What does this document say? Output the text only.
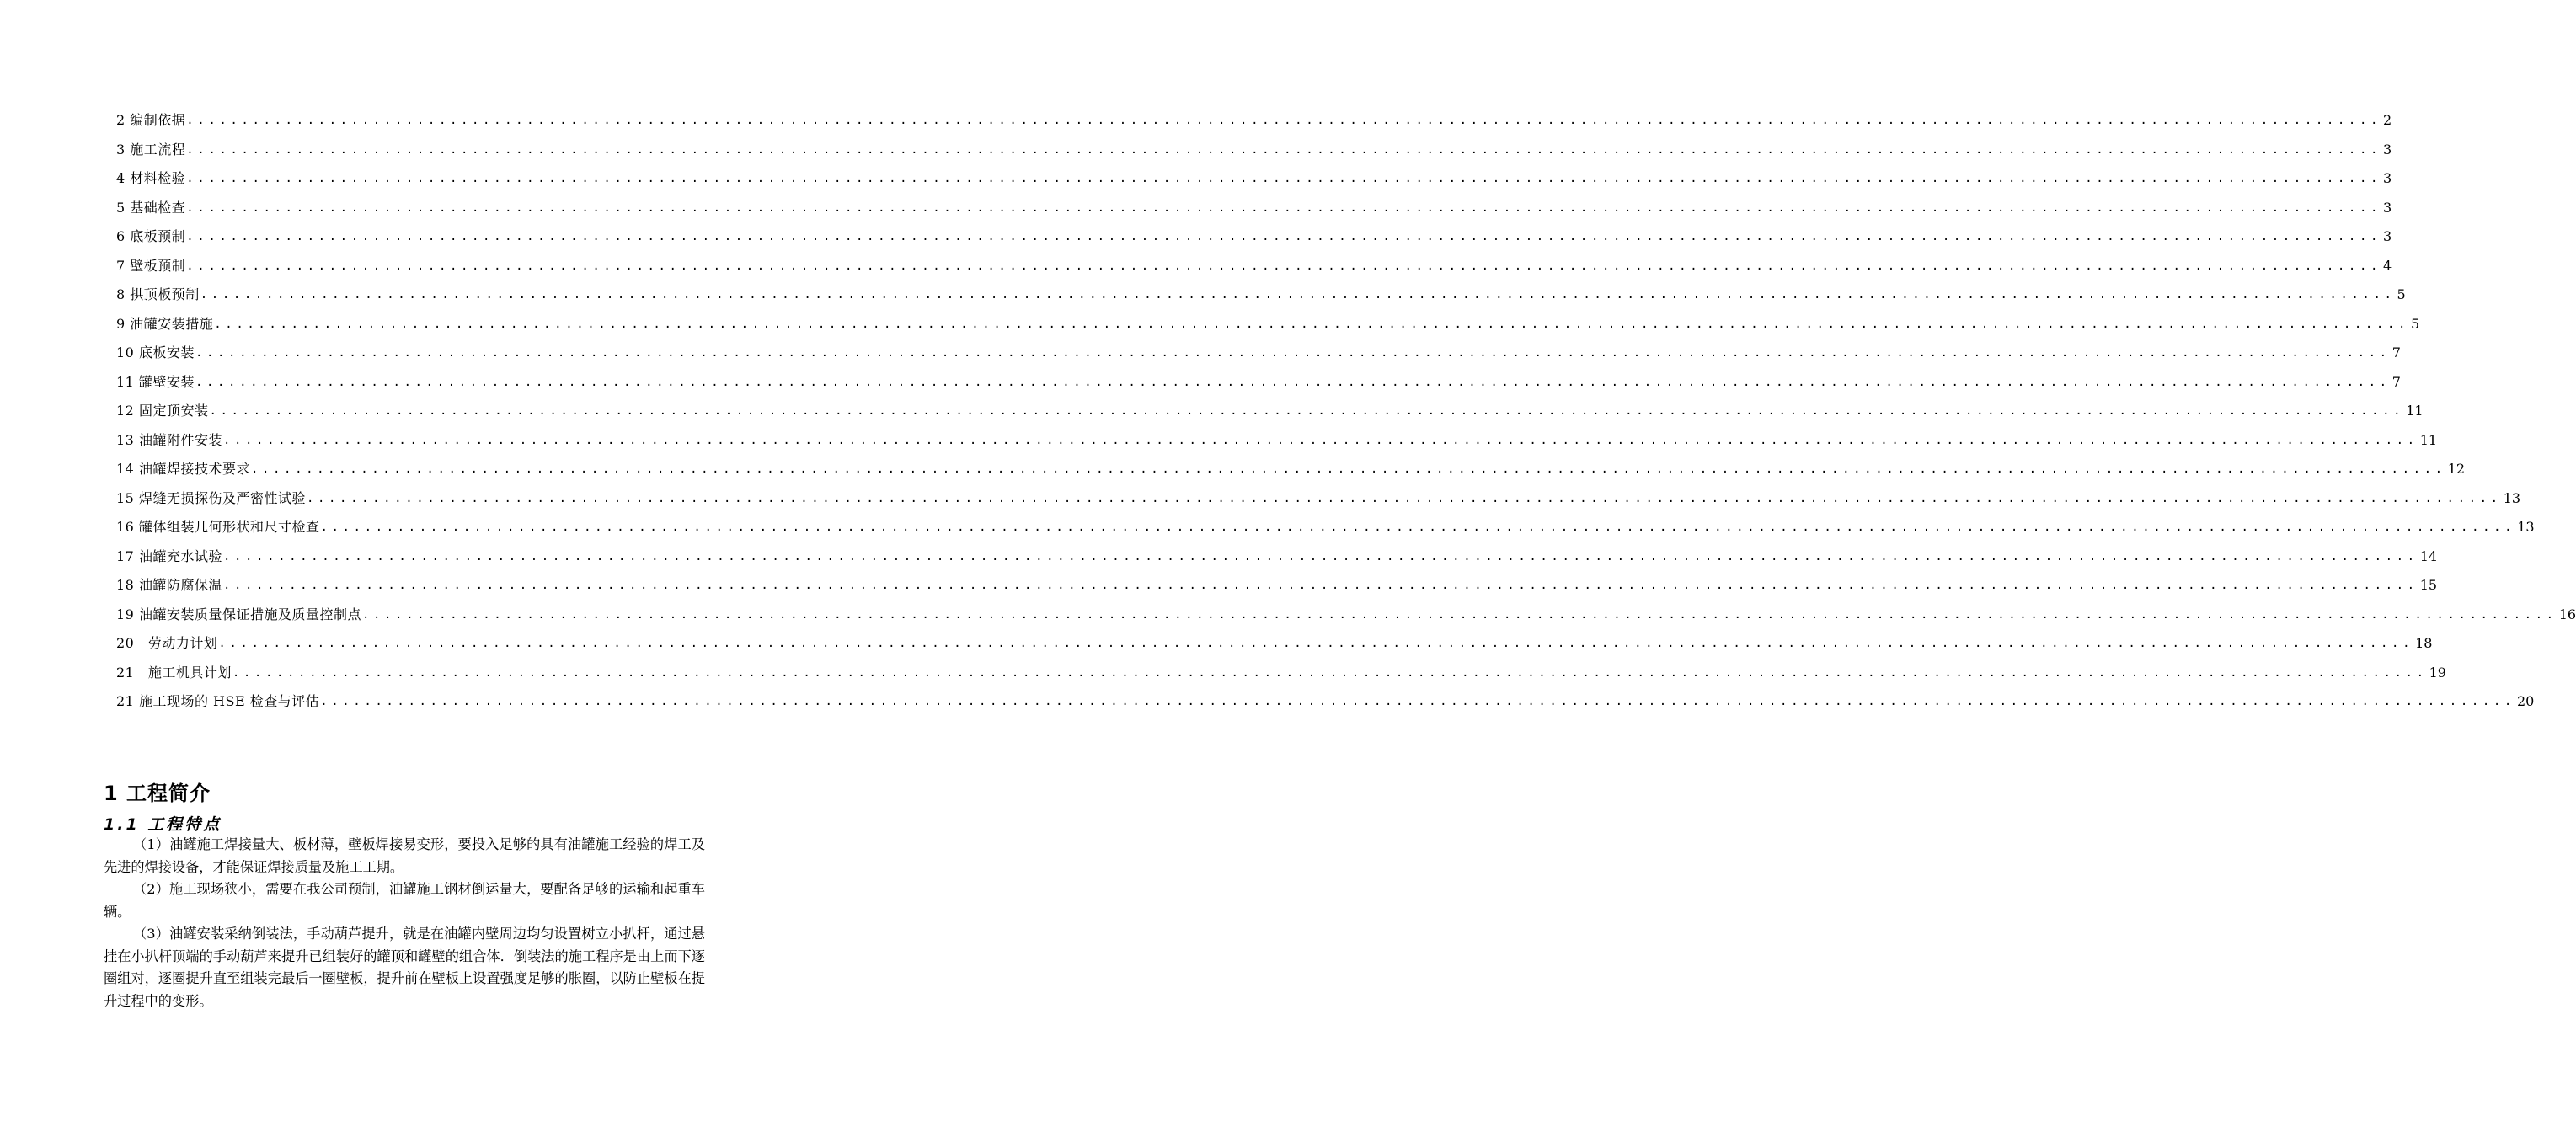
2 编制依据 ........................................................................................................................................................................................................ 2
3 施工流程 ........................................................................................................................................................................................................ 3
4 材料检验 ........................................................................................................................................................................................................ 3
5 基础检查 ........................................................................................................................................................................................................ 3
6 底板预制 ........................................................................................................................................................................................................ 3
7 壁板预制 ........................................................................................................................................................................................................ 4
8 拱顶板预制 ........................................................................................................................................................................................................ 5
9 油罐安装措施 ........................................................................................................................................................................................................ 5
10 底板安装 ........................................................................................................................................................................................................ 7
11 罐壁安装 ........................................................................................................................................................................................................ 7
12 固定顶安装 ........................................................................................................................................................................................................ 11
13 油罐附件安装 ........................................................................................................................................................................................................ 11
14 油罐焊接技术要求 ........................................................................................................................................................................................................ 12
15 焊缝无损探伤及严密性试验 ........................................................................................................................................................................................................ 13
16 罐体组装几何形状和尺寸检查 ........................................................................................................................................................................................................ 13
17 油罐充水试验 ........................................................................................................................................................................................................ 14
18 油罐防腐保温 ........................................................................................................................................................................................................ 15
19 油罐安装质量保证措施及质量控制点 ........................................................................................................................................................................................................ 16
20　劳动力计划 ........................................................................................................................................................................................................ 18
21　施工机具计划 ........................................................................................................................................................................................................ 19
21 施工现场的 HSE 检查与评估 ........................................................................................................................................................................................................ 20
1 工程简介
1.1 工程特点

（1）油罐施工焊接量大、板材薄，壁板焊接易变形，要投入足够的具有油罐施工经验的焊工及先进的焊接设备，才能保证焊接质量及施工工期。

（2）施工现场狭小，需要在我公司预制，油罐施工钢材倒运量大，要配备足够的运输和起重车辆。

（3）油罐安装采纳倒装法，手动葫芦提升，就是在油罐内壁周边均匀设置树立小扒杆，通过悬挂在小扒杆顶端的手动葫芦来提升已组装好的罐顶和罐壁的组合体．倒装法的施工程序是由上而下逐圈组对，逐圈提升直至组装完最后一圈壁板，提升前在壁板上设置强度足够的胀圈，以防止壁板在提升过程中的变形。
